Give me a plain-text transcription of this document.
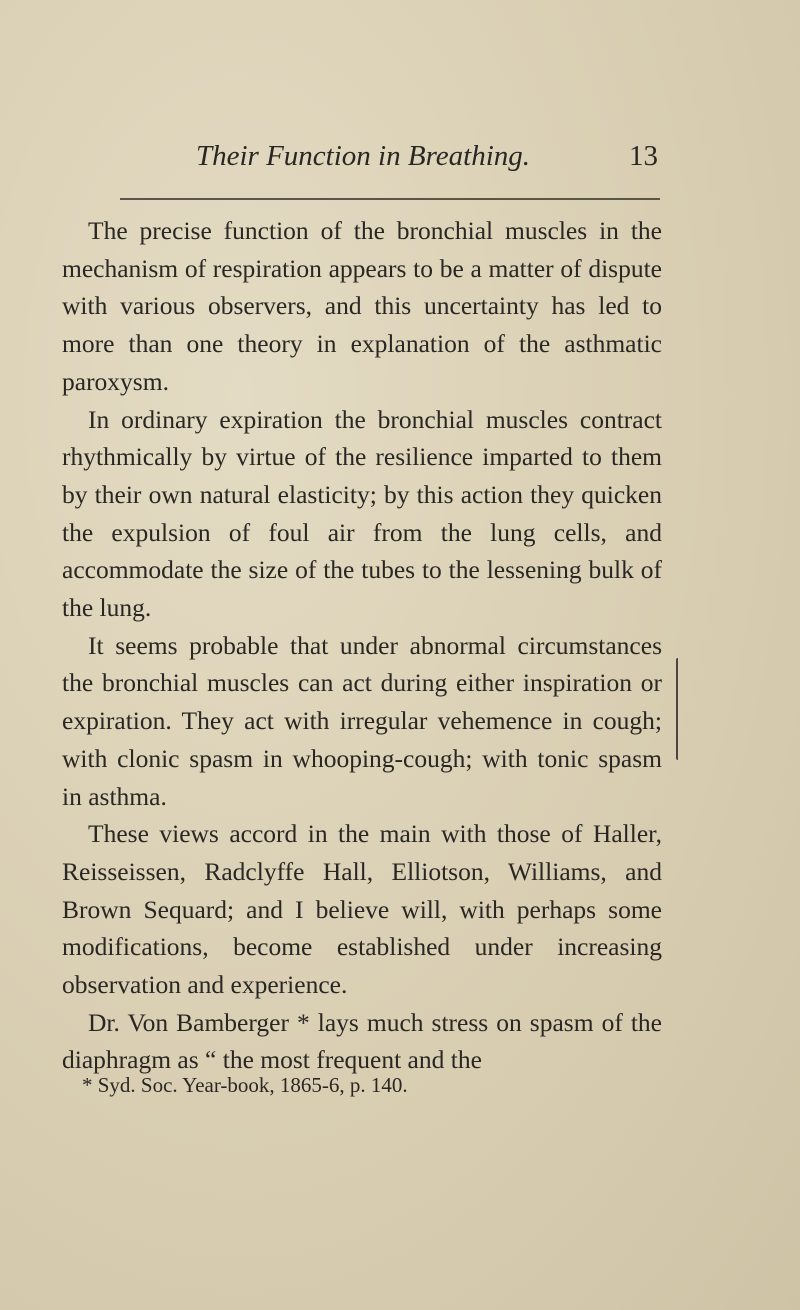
Their Function in Breathing.	13

The precise function of the bronchial muscles in the mechanism of respiration appears to be a matter of dispute with various observers, and this uncertainty has led to more than one theory in explanation of the asthmatic paroxysm.

In ordinary expiration the bronchial muscles contract rhythmically by virtue of the resilience imparted to them by their own natural elasticity; by this action they quicken the expulsion of foul air from the lung cells, and accommodate the size of the tubes to the lessening bulk of the lung.

It seems probable that under abnormal circumstances the bronchial muscles can act during either inspiration or expiration. They act with irregular vehemence in cough; with clonic spasm in whooping-cough; with tonic spasm in asthma.

These views accord in the main with those of Haller, Reisseissen, Radclyffe Hall, Elliotson, Williams, and Brown Sequard; and I believe will, with perhaps some modifications, become established under increasing observation and experience.

Dr. Von Bamberger * lays much stress on spasm of the diaphragm as “ the most frequent and the

* Syd. Soc. Year-book, 1865-6, p. 140.
